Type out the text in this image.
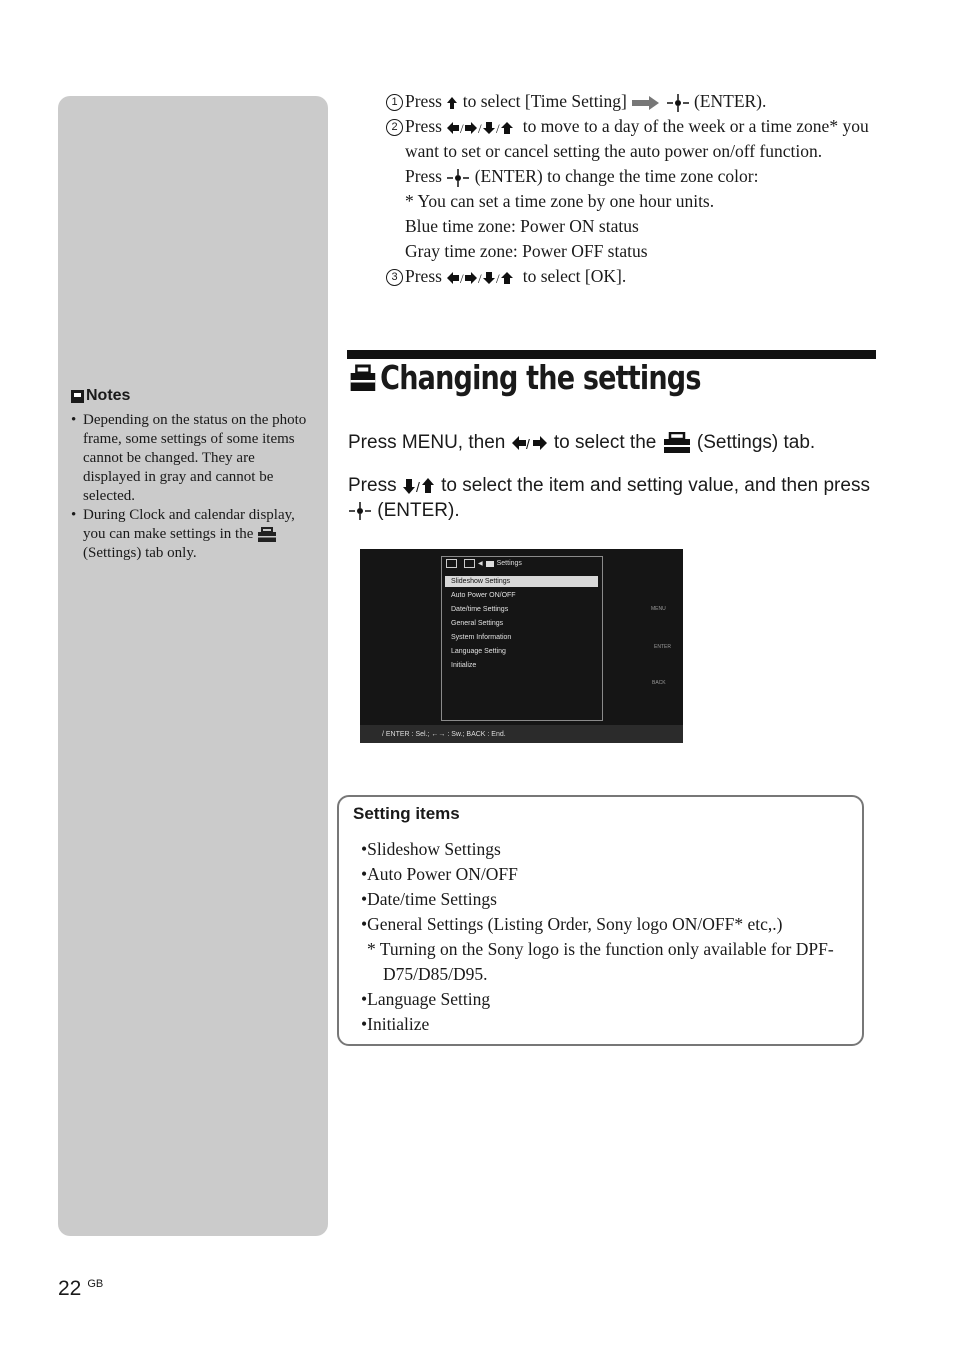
Notes
• Depending on the status on the photo frame, some settings of some items cannot be changed. They are displayed in gray and cannot be selected.
• During Clock and calendar display, you can make settings in the  (Settings) tab only.
1 Press  to select [Time Setting]	(ENTER).
2 Press / / / to move to a day of the week or a time zone* you want to set or cancel setting the auto power on/off function.
Press  (ENTER) to change the time zone color:
* You can set a time zone by one hour units.
Blue time zone: Power ON status
Gray time zone: Power OFF status
3 Press / / / to select [OK].
Changing the settings
Press MENU, then / to select the  (Settings) tab.
Press / to select the item and setting value, and then press  (ENTER).
◀ Settings
Slideshow Settings
Auto Power ON/OFF
Date/time Settings
General Settings
System Information
Language Setting
Initialize
MENU
ENTER
BACK
/ ENTER : Sel.; ←→ : Sw.; BACK : End.
Setting items
•Slideshow Settings
•Auto Power ON/OFF
•Date/time Settings
•General Settings (Listing Order, Sony logo ON/OFF* etc,.)
* Turning on the Sony logo is the function only available for DPF-D75/D85/D95.
•Language Setting
•Initialize
22 $^{GB}$
